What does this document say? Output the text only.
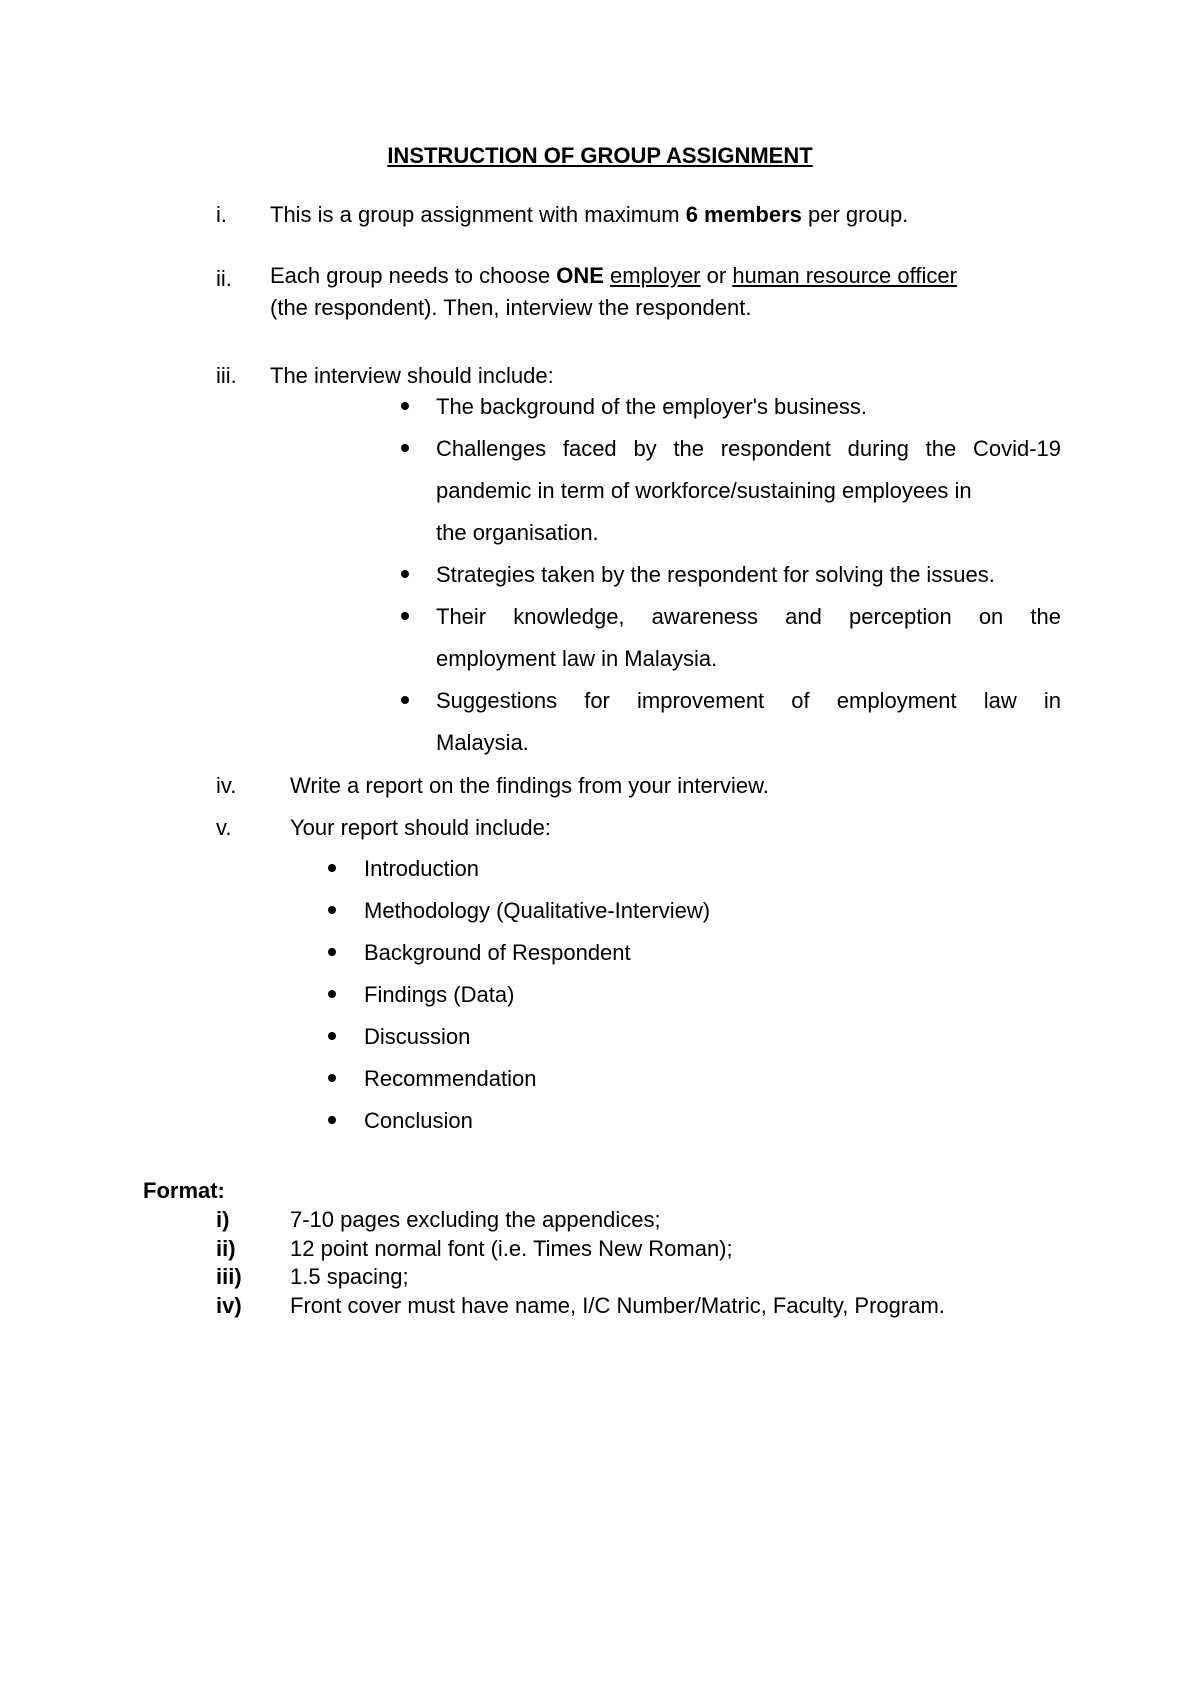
INSTRUCTION OF GROUP ASSIGNMENT
i. This is a group assignment with maximum 6 members per group.
ii. Each group needs to choose ONE employer or human resource officer
(the respondent). Then, interview the respondent.
iii. The interview should include:
The background of the employer's business.
Challenges faced by the respondent during the Covid-19 pandemic in term of workforce/sustaining employees in
the organisation.
Strategies taken by the respondent for solving the issues.
Their knowledge, awareness and perception on the
employment law in Malaysia.
Suggestions for improvement of employment law in
Malaysia.
iv. Write a report on the findings from your interview.
v.	Your report should include:
Introduction
Methodology (Qualitative-Interview)
Background of Respondent
Findings (Data)
Discussion
Recommendation
Conclusion
Format:
i)	7-10 pages excluding the appendices;
ii) 12 point normal font (i.e. Times New Roman);
iii) 1.5 spacing;
iv) Front cover must have name, I/C Number/Matric, Faculty, Program.
